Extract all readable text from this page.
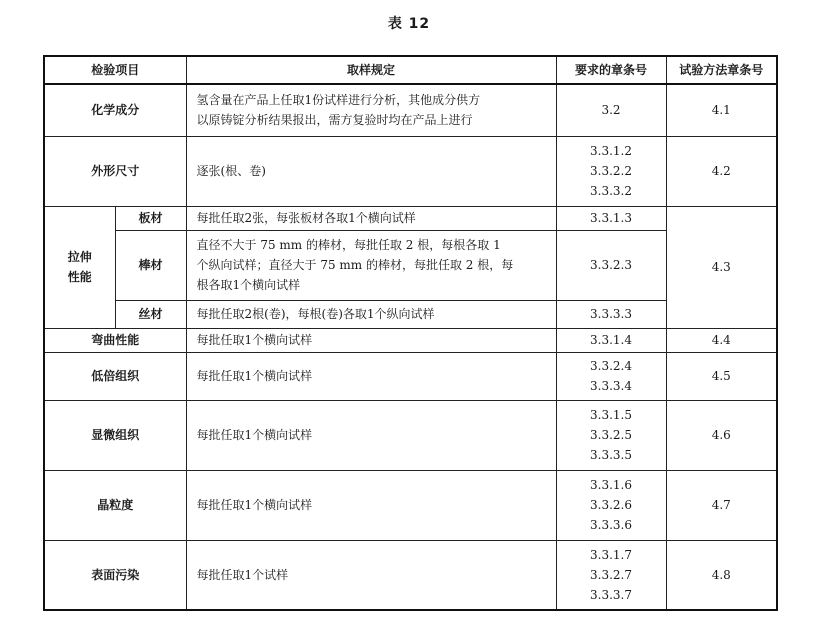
表 12
检验项目		取样规定	要求的章条号	试验方法章条号
化学成分		氢含量在产品上任取1份试样进行分析，其他成分供方
以原铸锭分析结果报出，需方复验时均在产品上进行	3.2	4.1
外形尺寸		逐张(根、卷)	3.3.1.2
3.3.2.2
3.3.3.2	4.2

拉伸
性能	板材	每批任取2张，每张板材各取1个横向试样	3.3.1.3	4.3
	棒材	直径不大于 75 mm 的棒材，每批任取 2 根，每根各取 1
个纵向试样；直径大于 75 mm 的棒材，每批任取 2 根，每
根各取1个横向试样	3.3.2.3	
	丝材	每批任取2根(卷)，每根(卷)各取1个纵向试样	3.3.3.3	
弯曲性能		每批任取1个横向试样	3.3.1.4	4.4
低倍组织		每批任取1个横向试样	3.3.2.4
3.3.3.4	4.5
显微组织		每批任取1个横向试样	3.3.1.5
3.3.2.5
3.3.3.5	4.6
晶粒度		每批任取1个横向试样	3.3.1.6
3.3.2.6
3.3.3.6	4.7
表面污染		每批任取1个试样	3.3.1.7
3.3.2.7
3.3.3.7	4.8
